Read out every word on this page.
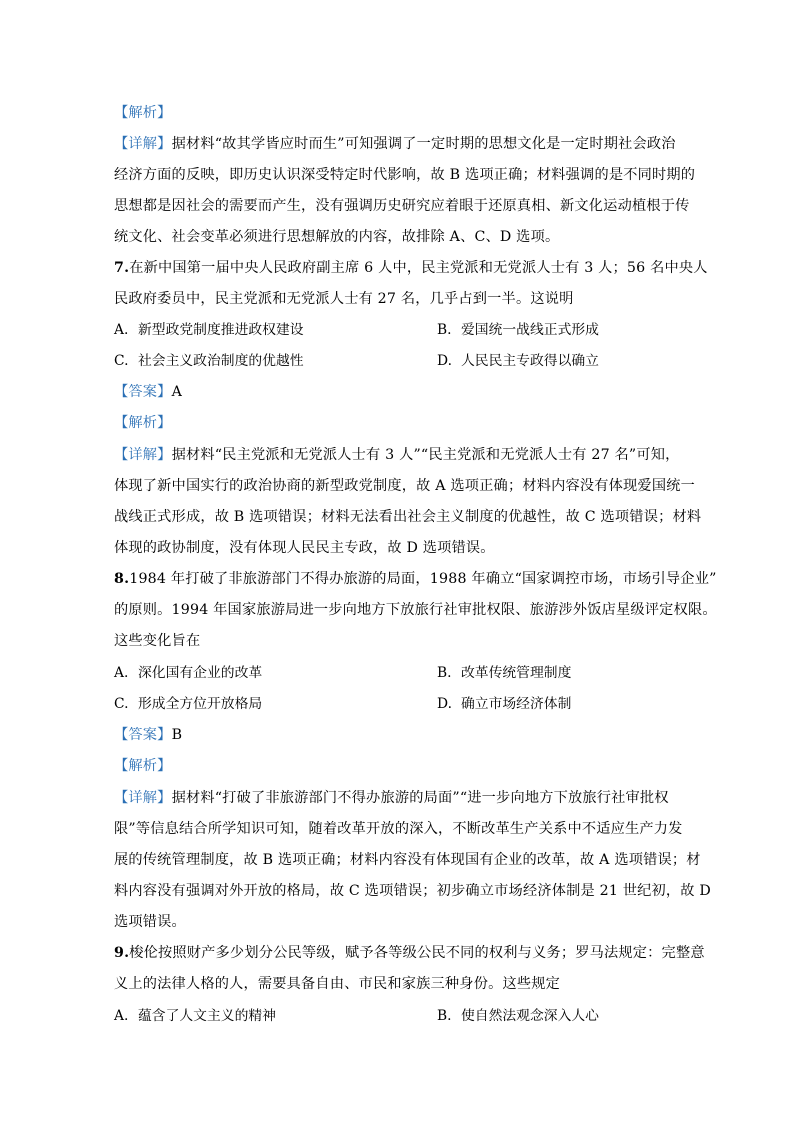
【解析】
【详解】据材料“故其学皆应时而生”可知强调了一定时期的思想文化是一定时期社会政治
经济方面的反映，即历史认识深受特定时代影响，故 B 选项正确；材料强调的是不同时期的
思想都是因社会的需要而产生，没有强调历史研究应着眼于还原真相、新文化运动植根于传
统文化、社会变革必须进行思想解放的内容，故排除 A、C、D 选项。
7.在新中国第一届中央人民政府副主席 6 人中，民主党派和无党派人士有 3 人；56 名中央人
民政府委员中，民主党派和无党派人士有 27 名，几乎占到一半。这说明
A. 新型政党制度推进政权建设	B. 爱国统一战线正式形成
C. 社会主义政治制度的优越性	D. 人民民主专政得以确立
【答案】A
【解析】
【详解】据材料“民主党派和无党派人士有 3 人”“民主党派和无党派人士有 27 名”可知，
体现了新中国实行的政治协商的新型政党制度，故 A 选项正确；材料内容没有体现爱国统一
战线正式形成，故 B 选项错误；材料无法看出社会主义制度的优越性，故 C 选项错误；材料
体现的政协制度，没有体现人民民主专政，故 D 选项错误。
8.1984 年打破了非旅游部门不得办旅游的局面，1988 年确立“国家调控市场，市场引导企业”
的原则。1994 年国家旅游局进一步向地方下放旅行社审批权限、旅游涉外饭店星级评定权限。
这些变化旨在
A. 深化国有企业的改革	B. 改革传统管理制度
C. 形成全方位开放格局	D. 确立市场经济体制
【答案】B
【解析】
【详解】据材料“打破了非旅游部门不得办旅游的局面”“进一步向地方下放旅行社审批权
限”等信息结合所学知识可知，随着改革开放的深入，不断改革生产关系中不适应生产力发
展的传统管理制度，故 B 选项正确；材料内容没有体现国有企业的改革，故 A 选项错误；材
料内容没有强调对外开放的格局，故 C 选项错误；初步确立市场经济体制是 21 世纪初，故 D
选项错误。
9.梭伦按照财产多少划分公民等级，赋予各等级公民不同的权利与义务；罗马法规定：完整意
义上的法律人格的人，需要具备自由、市民和家族三种身份。这些规定
A. 蕴含了人文主义的精神	B. 使自然法观念深入人心
